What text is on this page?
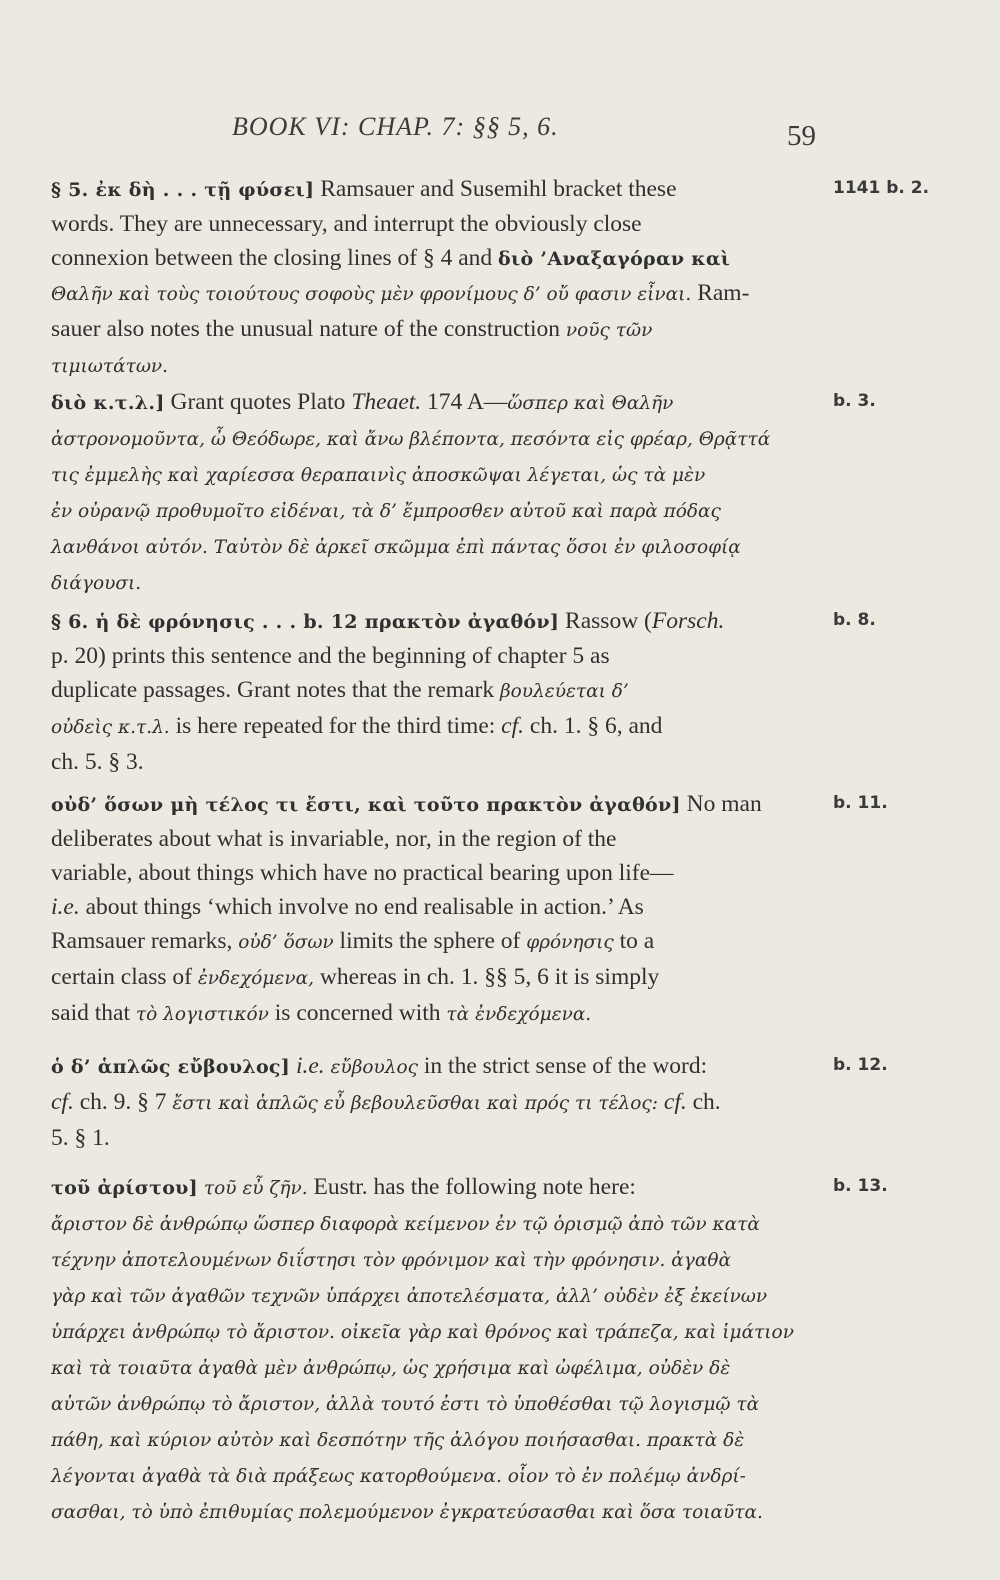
BOOK VI: CHAP. 7: §§ 5, 6.	59
§ 5. ἐκ δὴ . . . τῇ φύσει] Ramsauer and Susemihl bracket these
words. They are unnecessary, and interrupt the obviously close
connexion between the closing lines of § 4 and διὸ ’Αναξαγόραν καὶ
Θαλῆν καὶ τοὺς τοιούτους σοφοὺς μὲν φρονίμους δ’ οὔ φασιν εἶναι. Ram-
sauer also notes the unusual nature of the construction νοῦς τῶν
τιμιωτάτων.
1141 b. 2.
διὸ κ.τ.λ.] Grant quotes Plato Theaet. 174 A—ὥσπερ καὶ Θαλῆν
ἀστρονομοῦντα, ὦ Θεόδωρε, καὶ ἄνω βλέποντα, πεσόντα εἰς φρέαρ, Θρᾷττά
τις ἐμμελὴς καὶ χαρίεσσα θεραπαινὶς ἀποσκῶψαι λέγεται, ὡς τὰ μὲν
ἐν οὐρανῷ προθυμοῖτο εἰδέναι, τὰ δ’ ἔμπροσθεν αὐτοῦ καὶ παρὰ πόδας
λανθάνοι αὐτόν. Ταὐτὸν δὲ ἀρκεῖ σκῶμμα ἐπὶ πάντας ὅσοι ἐν φιλοσοφίᾳ
διάγουσι.
b. 3.
§ 6. ἡ δὲ φρόνησις . . . b. 12 πρακτὸν ἀγαθόν] Rassow (Forsch.
p. 20) prints this sentence and the beginning of chapter 5 as
duplicate passages. Grant notes that the remark βουλεύεται δ’
οὐδεὶς κ.τ.λ. is here repeated for the third time: cf. ch. 1. § 6, and
ch. 5. § 3.
b. 8.
οὐδ’ ὅσων μὴ τέλος τι ἔστι, καὶ τοῦτο πρακτὸν ἀγαθόν] No man
deliberates about what is invariable, nor, in the region of the
variable, about things which have no practical bearing upon life—
i.e. about things ‘which involve no end realisable in action.’ As
Ramsauer remarks, οὐδ’ ὅσων limits the sphere of φρόνησις to a
certain class of ἐνδεχόμενα, whereas in ch. 1. §§ 5, 6 it is simply
said that τὸ λογιστικόν is concerned with τὰ ἐνδεχόμενα.
b. 11.
ὁ δ’ ἁπλῶς εὔβουλος] i.e. εὔβουλος in the strict sense of the word:
cf. ch. 9. § 7 ἔστι καὶ ἁπλῶς εὖ βεβουλεῦσθαι καὶ πρός τι τέλος: cf. ch.
5. § 1.
b. 12.
τοῦ ἀρίστου] τοῦ εὖ ζῆν. Eustr. has the following note here:
ἄριστον δὲ ἀνθρώπῳ ὥσπερ διαφορὰ κείμενον ἐν τῷ ὁρισμῷ ἀπὸ τῶν κατὰ
τέχνην ἀποτελουμένων διΐστησι τὸν φρόνιμον καὶ τὴν φρόνησιν. ἀγαθὰ
γὰρ καὶ τῶν ἀγαθῶν τεχνῶν ὑπάρχει ἀποτελέσματα, ἀλλ’ οὐδὲν ἐξ ἐκείνων
ὑπάρχει ἀνθρώπῳ τὸ ἄριστον. οἰκεῖα γὰρ καὶ θρόνος καὶ τράπεζα, καὶ ἱμάτιον
καὶ τὰ τοιαῦτα ἀγαθὰ μὲν ἀνθρώπῳ, ὡς χρήσιμα καὶ ὠφέλιμα, οὐδὲν δὲ
αὐτῶν ἀνθρώπῳ τὸ ἄριστον, ἀλλὰ τουτό ἐστι τὸ ὑποθέσθαι τῷ λογισμῷ τὰ
πάθη, καὶ κύριον αὐτὸν καὶ δεσπότην τῆς ἀλόγου ποιήσασθαι. πρακτὰ δὲ
λέγονται ἀγαθὰ τὰ διὰ πράξεως κατορθούμενα. οἷον τὸ ἐν πολέμῳ ἀνδρί-
σασθαι, τὸ ὑπὸ ἐπιθυμίας πολεμούμενον ἐγκρατεύσασθαι καὶ ὅσα τοιαῦτα.
b. 13.
